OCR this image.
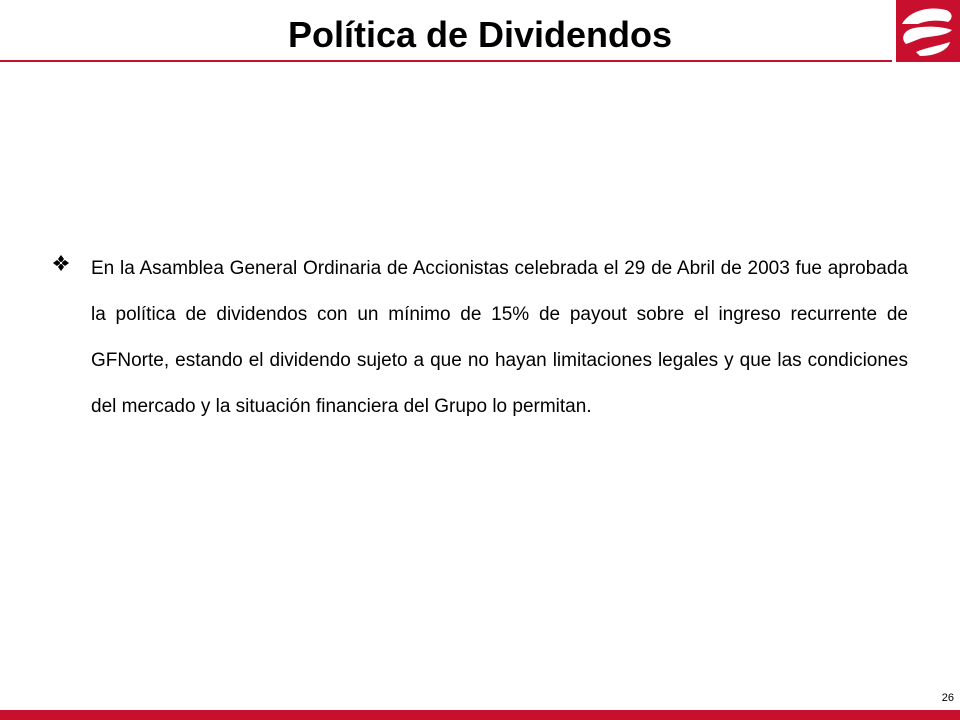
Política de Dividendos

En la Asamblea General Ordinaria de Accionistas celebrada el 29 de Abril de 2003 fue aprobada la política de dividendos con un mínimo de 15% de payout sobre el ingreso recurrente de GFNorte, estando el dividendo sujeto a que no hayan limitaciones legales y que las condiciones del mercado y la situación financiera del Grupo lo permitan.

26
